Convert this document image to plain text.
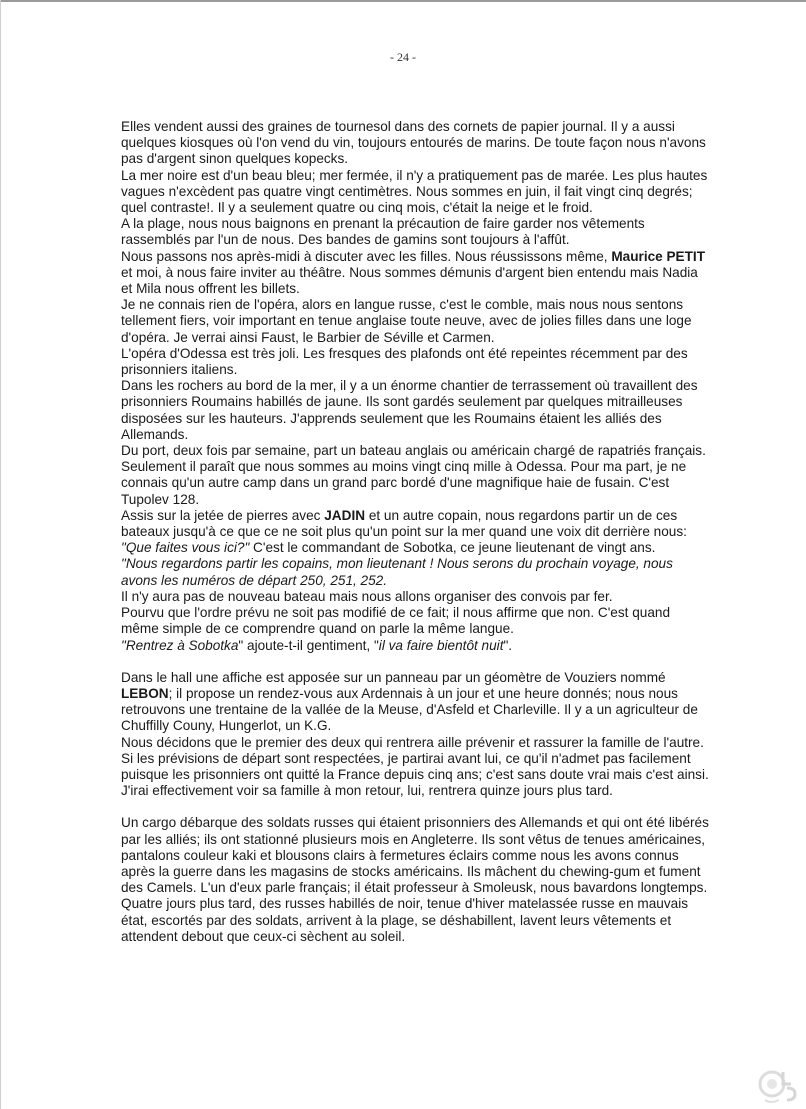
- 24 -

Elles vendent aussi des graines de tournesol dans des cornets de papier journal. Il y a aussi quelques kiosques où l'on vend du vin, toujours entourés de marins. De toute façon nous n'avons pas d'argent sinon quelques kopecks.

La mer noire est d'un beau bleu; mer fermée, il n'y a pratiquement pas de marée. Les plus hautes vagues n'excèdent pas quatre vingt centimètres. Nous sommes en juin, il fait vingt cinq degrés; quel contraste!. Il y a seulement quatre ou cinq mois, c'était la neige et le froid.

A la plage, nous nous baignons en prenant la précaution de faire garder nos vêtements rassemblés par l'un de nous. Des bandes de gamins sont toujours à l'affût.

Nous passons nos après-midi à discuter avec les filles. Nous réussissons même, Maurice PETIT et moi, à nous faire inviter au théâtre. Nous sommes démunis d'argent bien entendu mais Nadia et Mila nous offrent les billets.

Je ne connais rien de l'opéra, alors en langue russe, c'est le comble, mais nous nous sentons tellement fiers, voir important en tenue anglaise toute neuve, avec de jolies filles dans une loge d'opéra. Je verrai ainsi Faust, le Barbier de Séville et Carmen.

L'opéra d'Odessa est très joli. Les fresques des plafonds ont été repeintes récemment par des prisonniers italiens.

Dans les rochers au bord de la mer, il y a un énorme chantier de terrassement où travaillent des prisonniers Roumains habillés de jaune. Ils sont gardés seulement par quelques mitrailleuses disposées sur les hauteurs. J'apprends seulement que les Roumains étaient les alliés des Allemands.

Du port, deux fois par semaine, part un bateau anglais ou américain chargé de rapatriés français. Seulement il paraît que nous sommes au moins vingt cinq mille à Odessa. Pour ma part, je ne connais qu'un autre camp dans un grand parc bordé d'une magnifique haie de fusain. C'est Tupolev 128.

Assis sur la jetée de pierres avec JADIN et un autre copain, nous regardons partir un de ces bateaux jusqu'à ce que ce ne soit plus qu'un point sur la mer quand une voix dit derrière nous: "Que faites vous ici?" C'est le commandant de Sobotka, ce jeune lieutenant de vingt ans.

"Nous regardons partir les copains, mon lieutenant ! Nous serons du prochain voyage, nous avons les numéros de départ 250, 251, 252.

Il n'y aura pas de nouveau bateau mais nous allons organiser des convois par fer.

Pourvu que l'ordre prévu ne soit pas modifié de ce fait; il nous affirme que non. C'est quand même simple de ce comprendre quand on parle la même langue.

"Rentrez à Sobotka" ajoute-t-il gentiment, "il va faire bientôt nuit".

Dans le hall une affiche est apposée sur un panneau par un géomètre de Vouziers nommé LEBON; il propose un rendez-vous aux Ardennais à un jour et une heure donnés; nous nous retrouvons une trentaine de la vallée de la Meuse, d'Asfeld et Charleville. Il y a un agriculteur de Chuffilly Couny, Hungerlot, un K.G.

Nous décidons que le premier des deux qui rentrera aille prévenir et rassurer la famille de l'autre. Si les prévisions de départ sont respectées, je partirai avant lui, ce qu'il n'admet pas facilement puisque les prisonniers ont quitté la France depuis cinq ans; c'est sans doute vrai mais c'est ainsi.

J'irai effectivement voir sa famille à mon retour, lui, rentrera quinze jours plus tard.

Un cargo débarque des soldats russes qui étaient prisonniers des Allemands et qui ont été libérés par les alliés; ils ont stationné plusieurs mois en Angleterre. Ils sont vêtus de tenues américaines, pantalons couleur kaki et blousons clairs à fermetures éclairs comme nous les avons connus après la guerre dans les magasins de stocks américains. Ils mâchent du chewing-gum et fument des Camels. L'un d'eux parle français; il était professeur à Smoleusk, nous bavardons longtemps.

Quatre jours plus tard, des russes habillés de noir, tenue d'hiver matelassée russe en mauvais état, escortés par des soldats, arrivent à la plage, se déshabillent, lavent leurs vêtements et attendent debout que ceux-ci sèchent au soleil.
